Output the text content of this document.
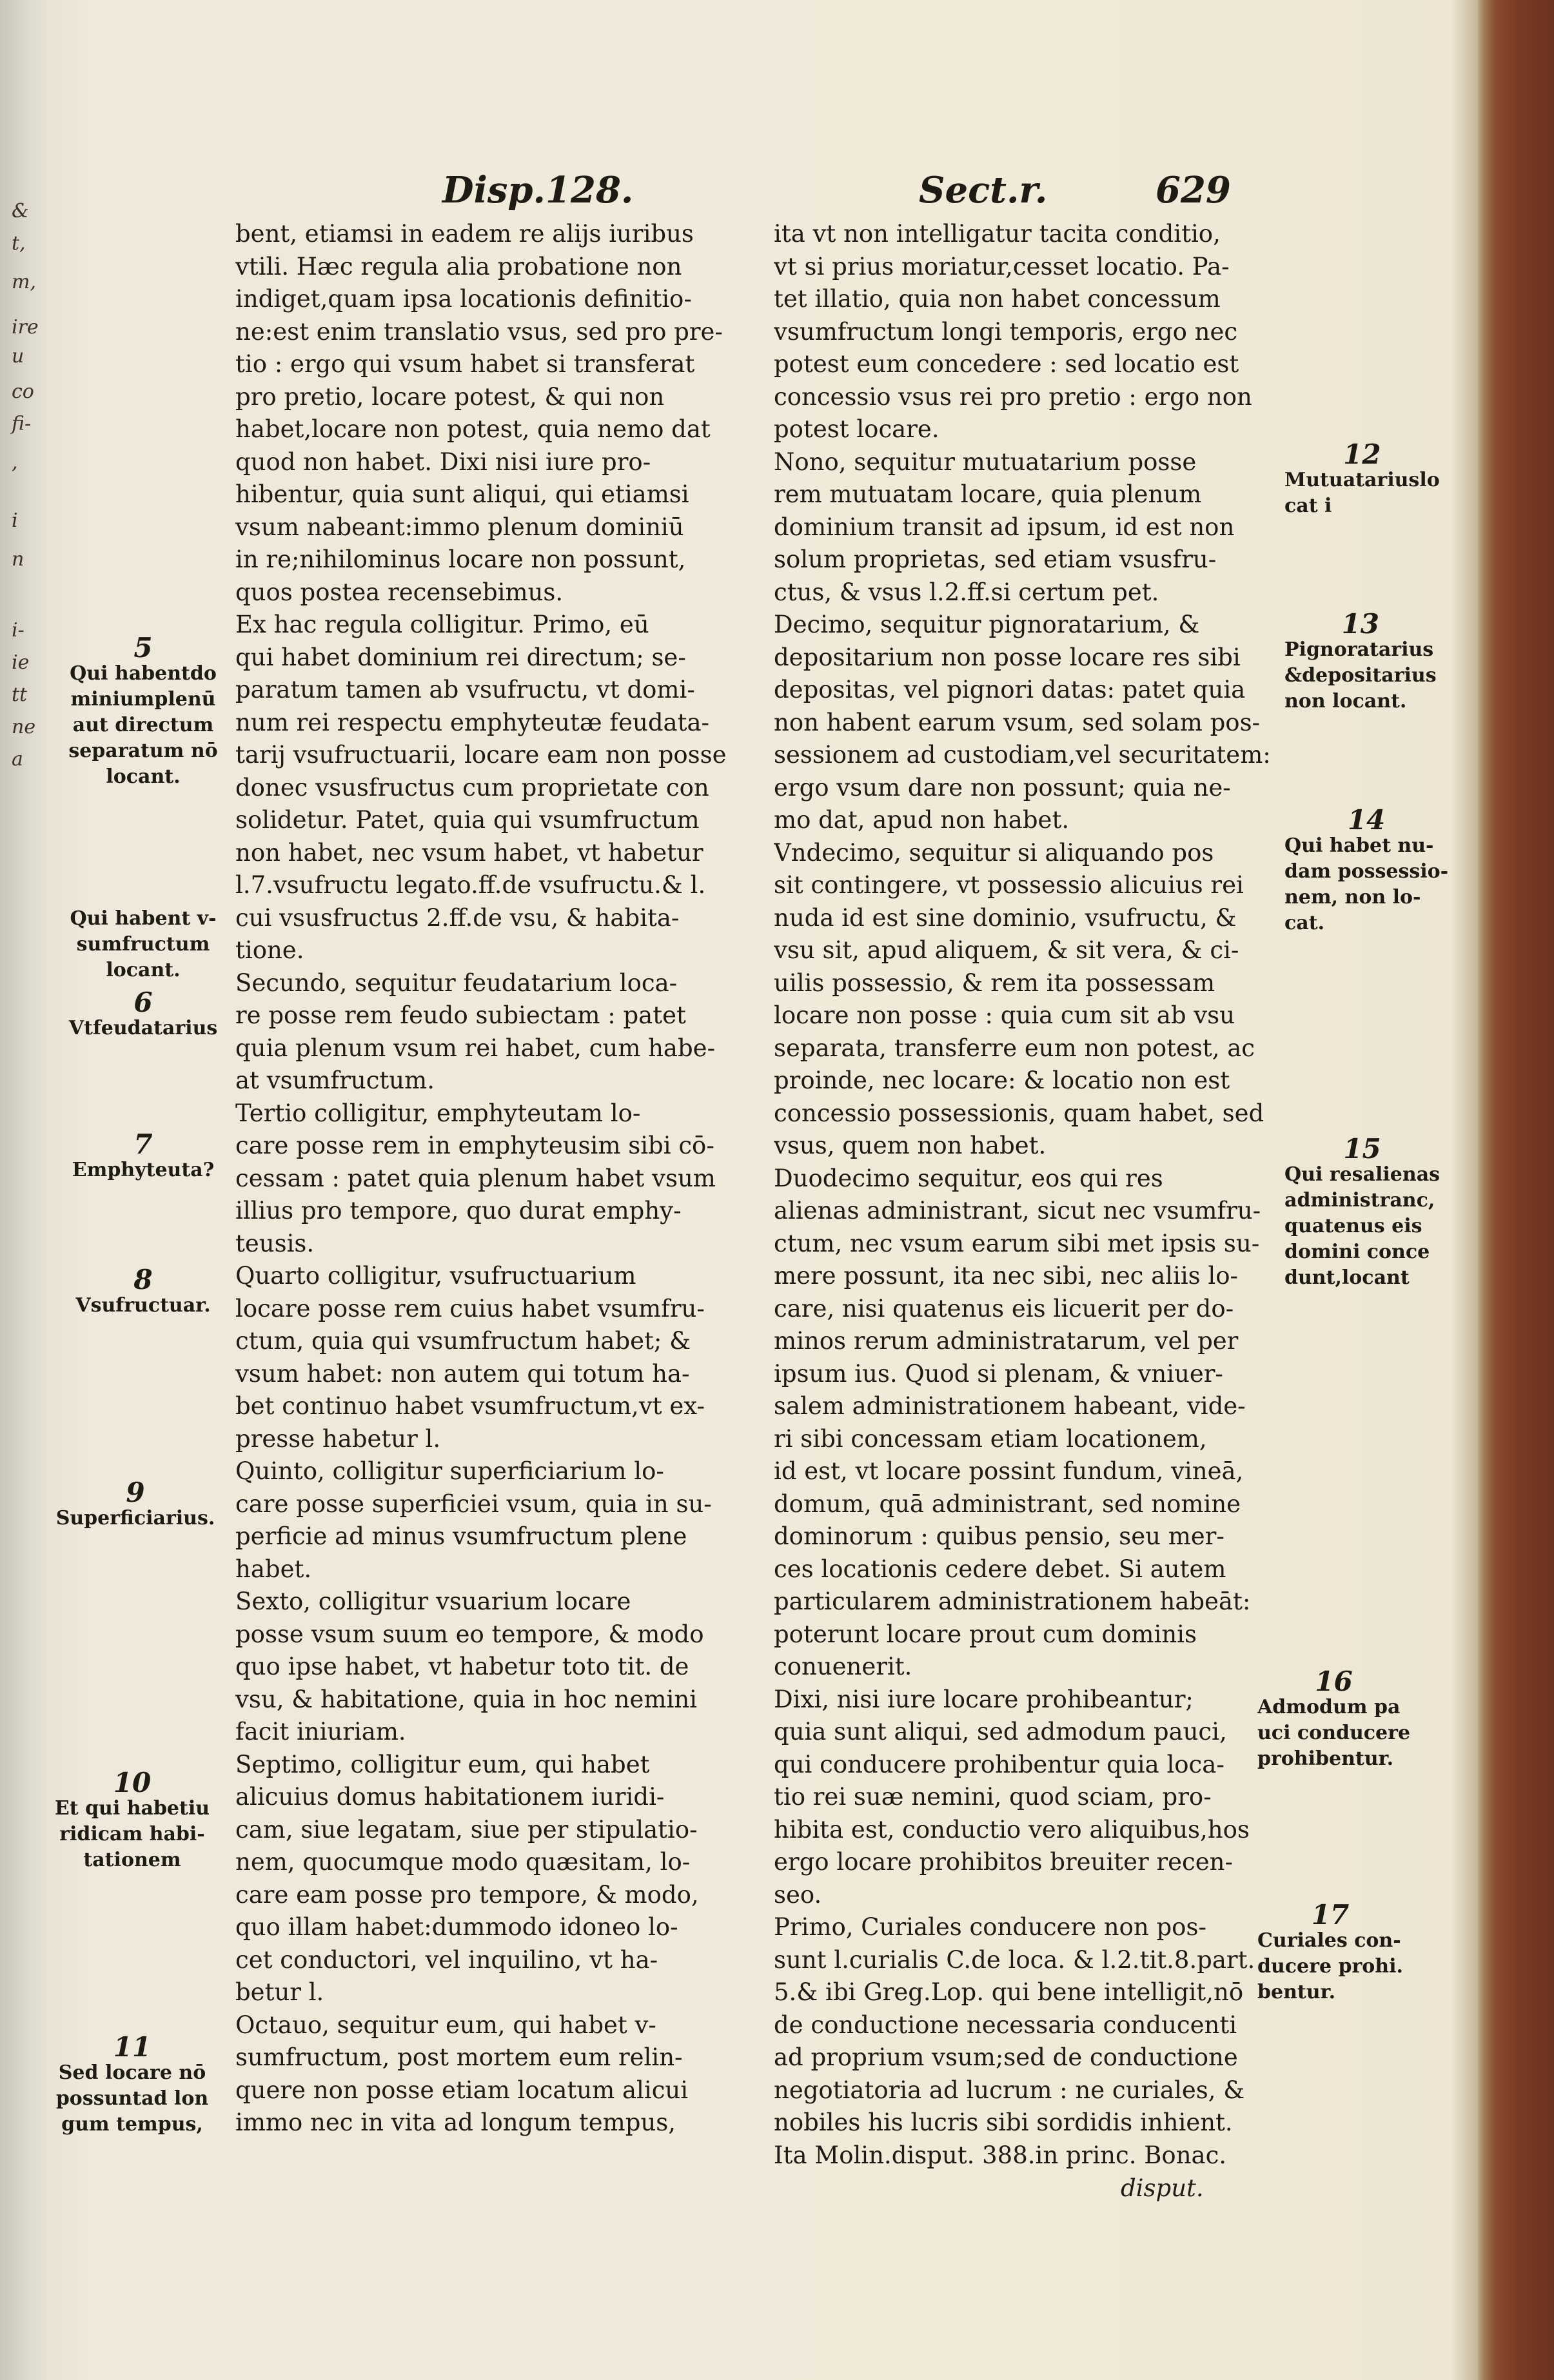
Disp.128.	Sect.r.	629
bent, etiamsi in eadem re alijs iuribus
vtili. Hæc regula alia probatione non
indiget,quam ipsa locationis definitio-
ne:est enim translatio vsus, sed pro pre-
tio : ergo qui vsum habet si transferat
pro pretio, locare potest, & qui non
habet,locare non potest, quia nemo dat
quod non habet. Dixi nisi iure pro-
hibentur, quia sunt aliqui, qui etiamsi
vsum nabeant:immo plenum dominiū
in re;nihilominus locare non possunt,
quos postea recensebimus.
Ex hac regula colligitur. Primo, eū
qui habet dominium rei directum; se-
paratum tamen ab vsufructu, vt domi-
num rei respectu emphyteutæ feudata-
tarij vsufructuarii, locare eam non posse
donec vsusfructus cum proprietate con
solidetur. Patet, quia qui vsumfructum
non habet, nec vsum habet, vt habetur
l.7.vsufructu legato.ff.de vsufructu.& l.
cui vsusfructus 2.ff.de vsu, & habita-
tione.
Secundo, sequitur feudatarium loca-
re posse rem feudo subiectam : patet
quia plenum vsum rei habet, cum habe-
at vsumfructum.
Tertio colligitur, emphyteutam lo-
care posse rem in emphyteusim sibi cō-
cessam : patet quia plenum habet vsum
illius pro tempore, quo durat emphy-
teusis.
Quarto colligitur, vsufructuarium
locare posse rem cuius habet vsumfru-
ctum, quia qui vsumfructum habet; &
vsum habet: non autem qui totum ha-
bet continuo habet vsumfructum,vt ex-
presse habetur l.
Quinto, colligitur superficiarium lo-
care posse superficiei vsum, quia in su-
perficie ad minus vsumfructum plene
habet.
Sexto, colligitur vsuarium locare
posse vsum suum eo tempore, & modo
quo ipse habet, vt habetur toto tit. de
vsu, & habitatione, quia in hoc nemini
facit iniuriam.
Septimo, colligitur eum, qui habet
alicuius domus habitationem iuridi-
cam, siue legatam, siue per stipulatio-
nem, quocumque modo quæsitam, lo-
care eam posse pro tempore, & modo,
quo illam habet:dummodo idoneo lo-
cet conductori, vel inquilino, vt ha-
betur l.
Octauo, sequitur eum, qui habet v-
sumfructum, post mortem eum relin-
quere non posse etiam locatum alicui
immo nec in vita ad longum tempus,
ita vt non intelligatur tacita conditio,
vt si prius moriatur,cesset locatio. Pa-
tet illatio, quia non habet concessum
vsumfructum longi temporis, ergo nec
potest eum concedere : sed locatio est
concessio vsus rei pro pretio : ergo non
potest locare.
Nono, sequitur mutuatarium posse
rem mutuatam locare, quia plenum
dominium transit ad ipsum, id est non
solum proprietas, sed etiam vsusfru-
ctus, & vsus l.2.ff.si certum pet.
Decimo, sequitur pignoratarium, &
depositarium non posse locare res sibi
depositas, vel pignori datas: patet quia
non habent earum vsum, sed solam pos-
sessionem ad custodiam,vel securitatem:
ergo vsum dare non possunt; quia ne-
mo dat, apud non habet.
Vndecimo, sequitur si aliquando pos
sit contingere, vt possessio alicuius rei
nuda id est sine dominio, vsufructu, &
vsu sit, apud aliquem, & sit vera, & ci-
uilis possessio, & rem ita possessam
locare non posse : quia cum sit ab vsu
separata, transferre eum non potest, ac
proinde, nec locare: & locatio non est
concessio possessionis, quam habet, sed
vsus, quem non habet.
Duodecimo sequitur, eos qui res
alienas administrant, sicut nec vsumfru-
ctum, nec vsum earum sibi met ipsis su-
mere possunt, ita nec sibi, nec aliis lo-
care, nisi quatenus eis licuerit per do-
minos rerum administratarum, vel per
ipsum ius. Quod si plenam, & vniuer-
salem administrationem habeant, vide-
ri sibi concessam etiam locationem,
id est, vt locare possint fundum, vineā,
domum, quā administrant, sed nomine
dominorum : quibus pensio, seu mer-
ces locationis cedere debet. Si autem
particularem administrationem habeāt:
poterunt locare prout cum dominis
conuenerit.
Dixi, nisi iure locare prohibeantur;
quia sunt aliqui, sed admodum pauci,
qui conducere prohibentur quia loca-
tio rei suæ nemini, quod sciam, pro-
hibita est, conductio vero aliquibus,hos
ergo locare prohibitos breuiter recen-
seo.
Primo, Curiales conducere non pos-
sunt l.curialis C.de loca. & l.2.tit.8.part.
5.& ibi Greg.Lop. qui bene intelligit,nō
de conductione necessaria conducenti
ad proprium vsum;sed de conductione
negotiatoria ad lucrum : ne curiales, &
nobiles his lucris sibi sordidis inhient.
Ita Molin.disput. 388.in princ. Bonac.
disput.
5
Qui habentdo
miniumplenū
aut directum
separatum nō
locant.
Qui habent v-
sumfructum
locant.
6
Vtfeudatarius
7
Emphyteuta?
8
Vsufructuar.
9
Superficiarius.
10
Et qui habetiu
ridicam habi-
tationem
11
Sed locare nō
possuntad lon
gum tempus,
12
Mutuatariuslo
cat i
13
Pignoratarius
&depositarius
non locant.
14
Qui habet nu-
dam possessio-
nem, non lo-
cat.
15
Qui resalienas
administranc,
quatenus eis
domini conce
dunt,locant
16
Admodum pa
uci conducere
prohibentur.
17
Curiales con-
ducere prohi.
bentur.
&
t,
m,
ire
u
co
fi-
,
i
n
i-
ie
tt
ne
a
